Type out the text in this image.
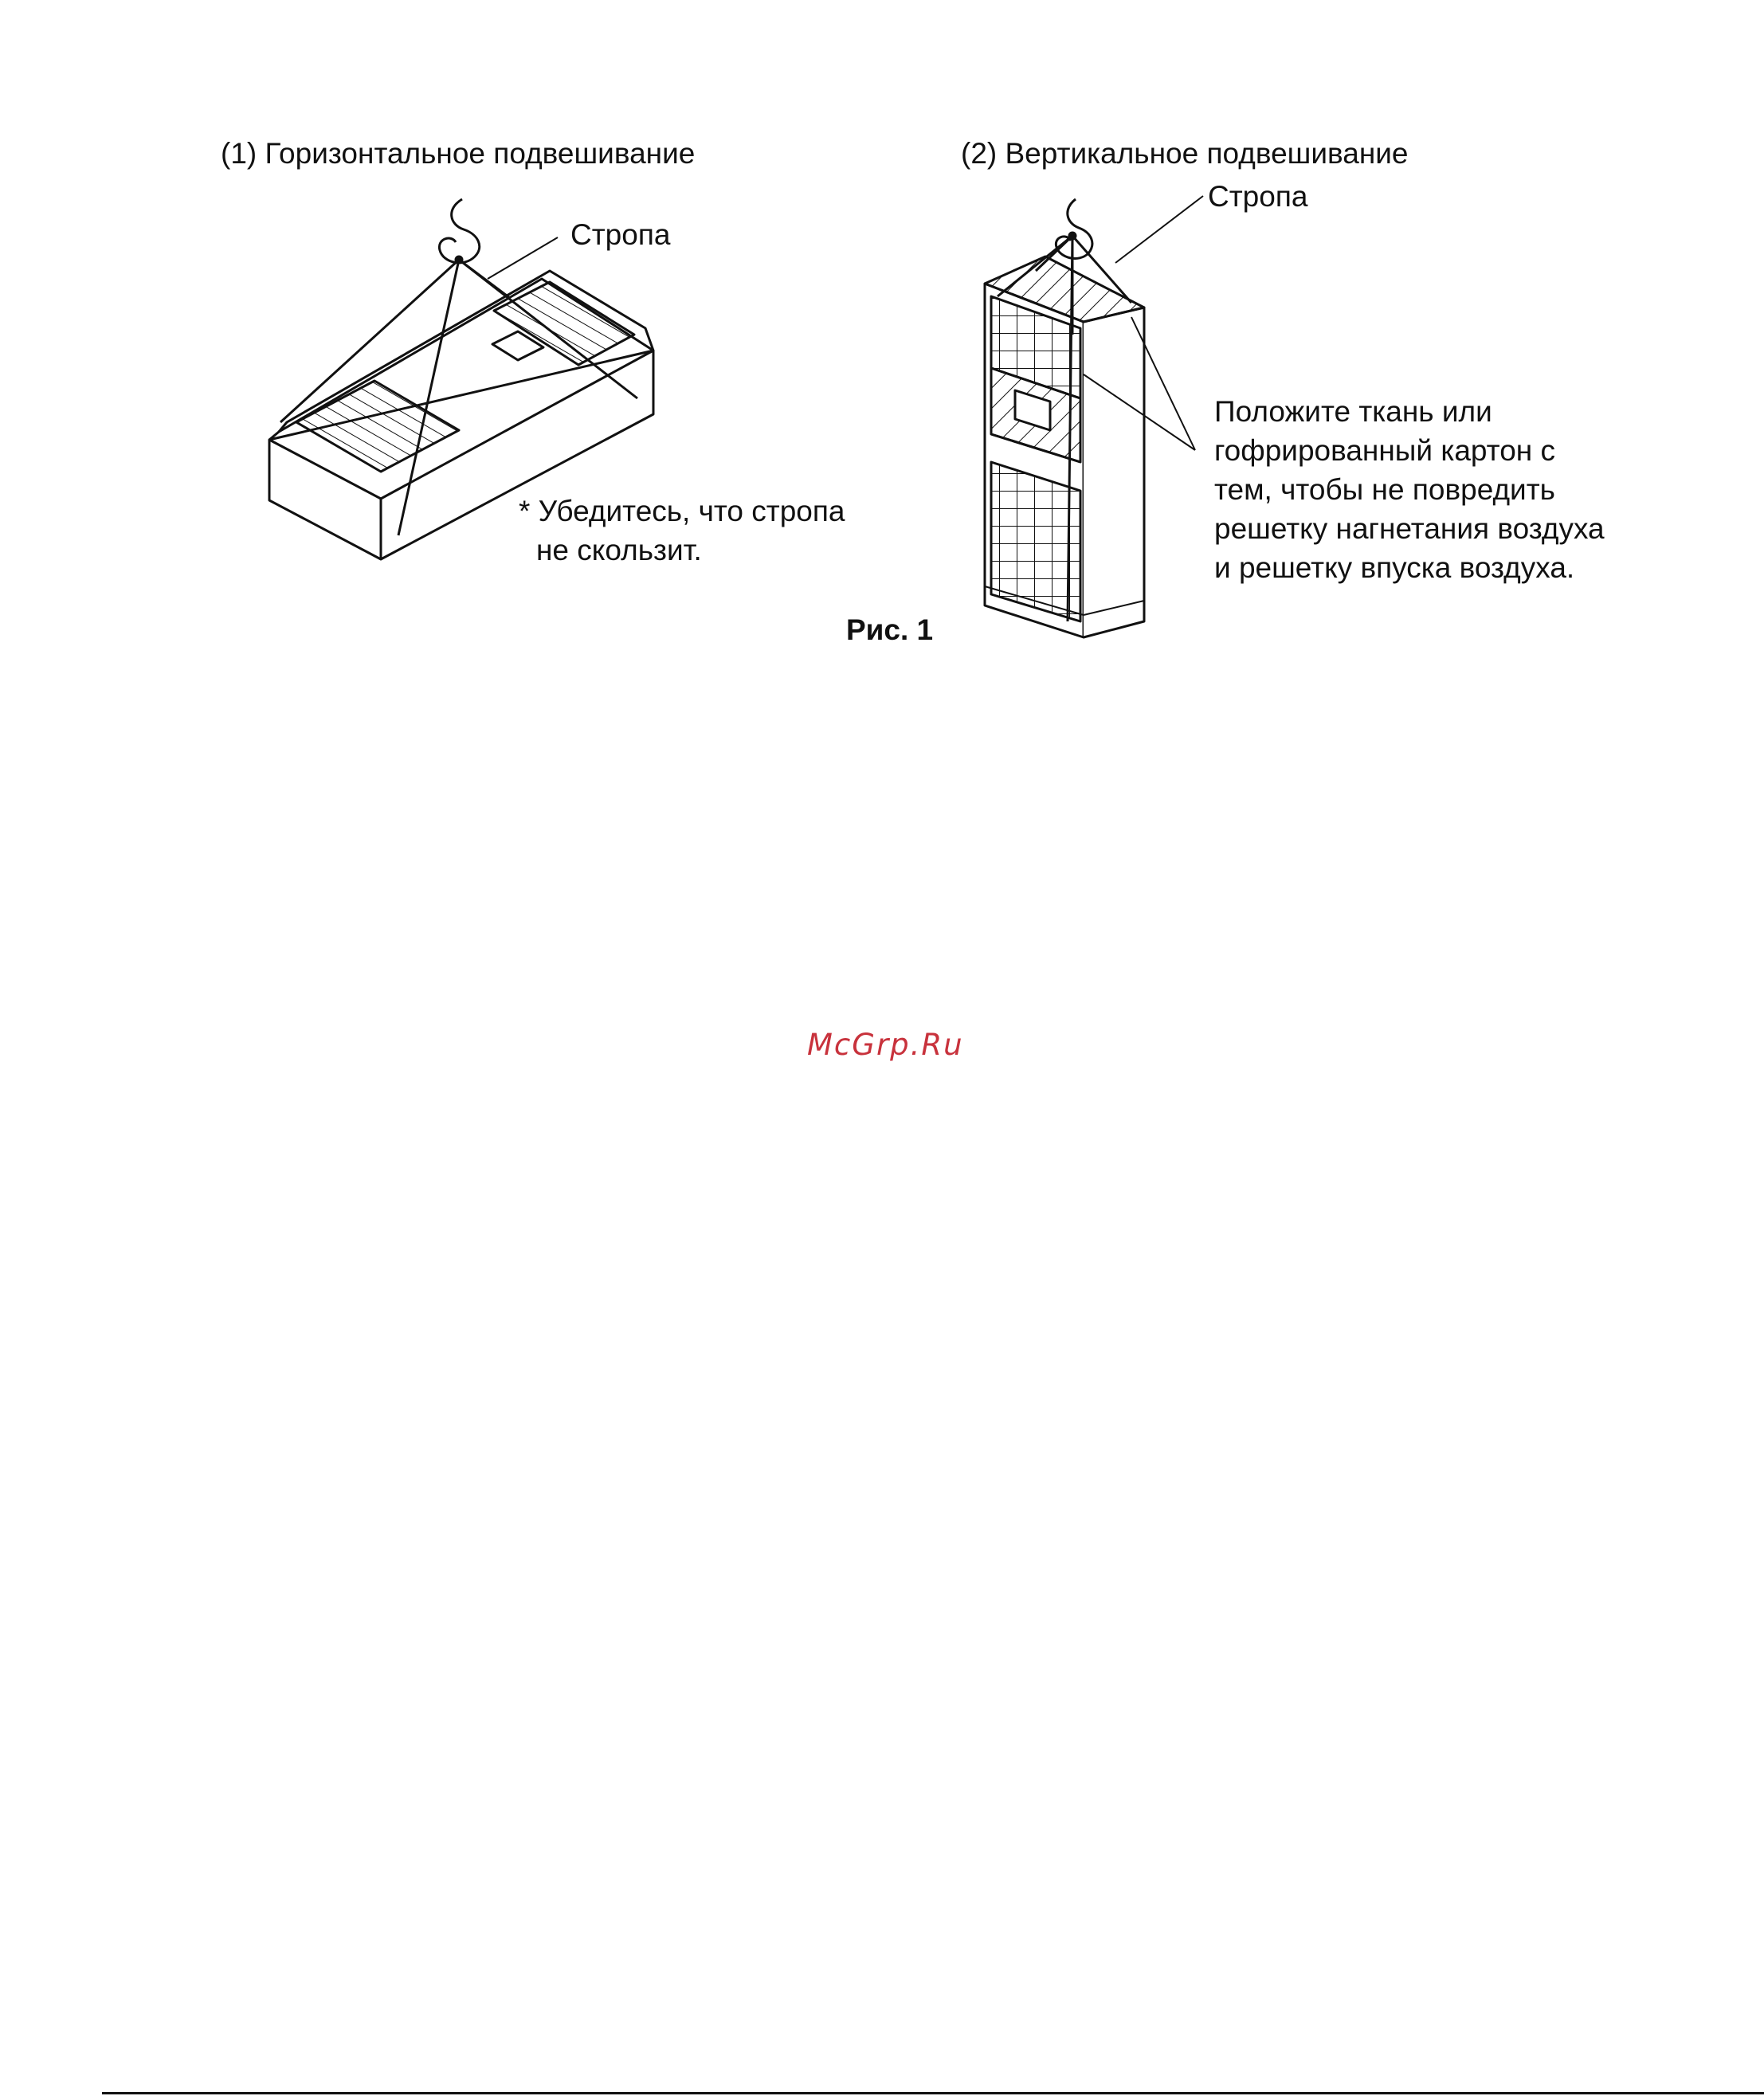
(1) Горизонтальное подвешивание	(2) Вертикальное подвешивание

Стропа

Стропа

* Убедитесь, что стропа

не скользит.

Положите ткань или

гофрированный картон с

тем, чтобы не повредить

решетку нагнетания воздуха

и решетку впуска воздуха.

Рис. 1

McGrp.Ru
